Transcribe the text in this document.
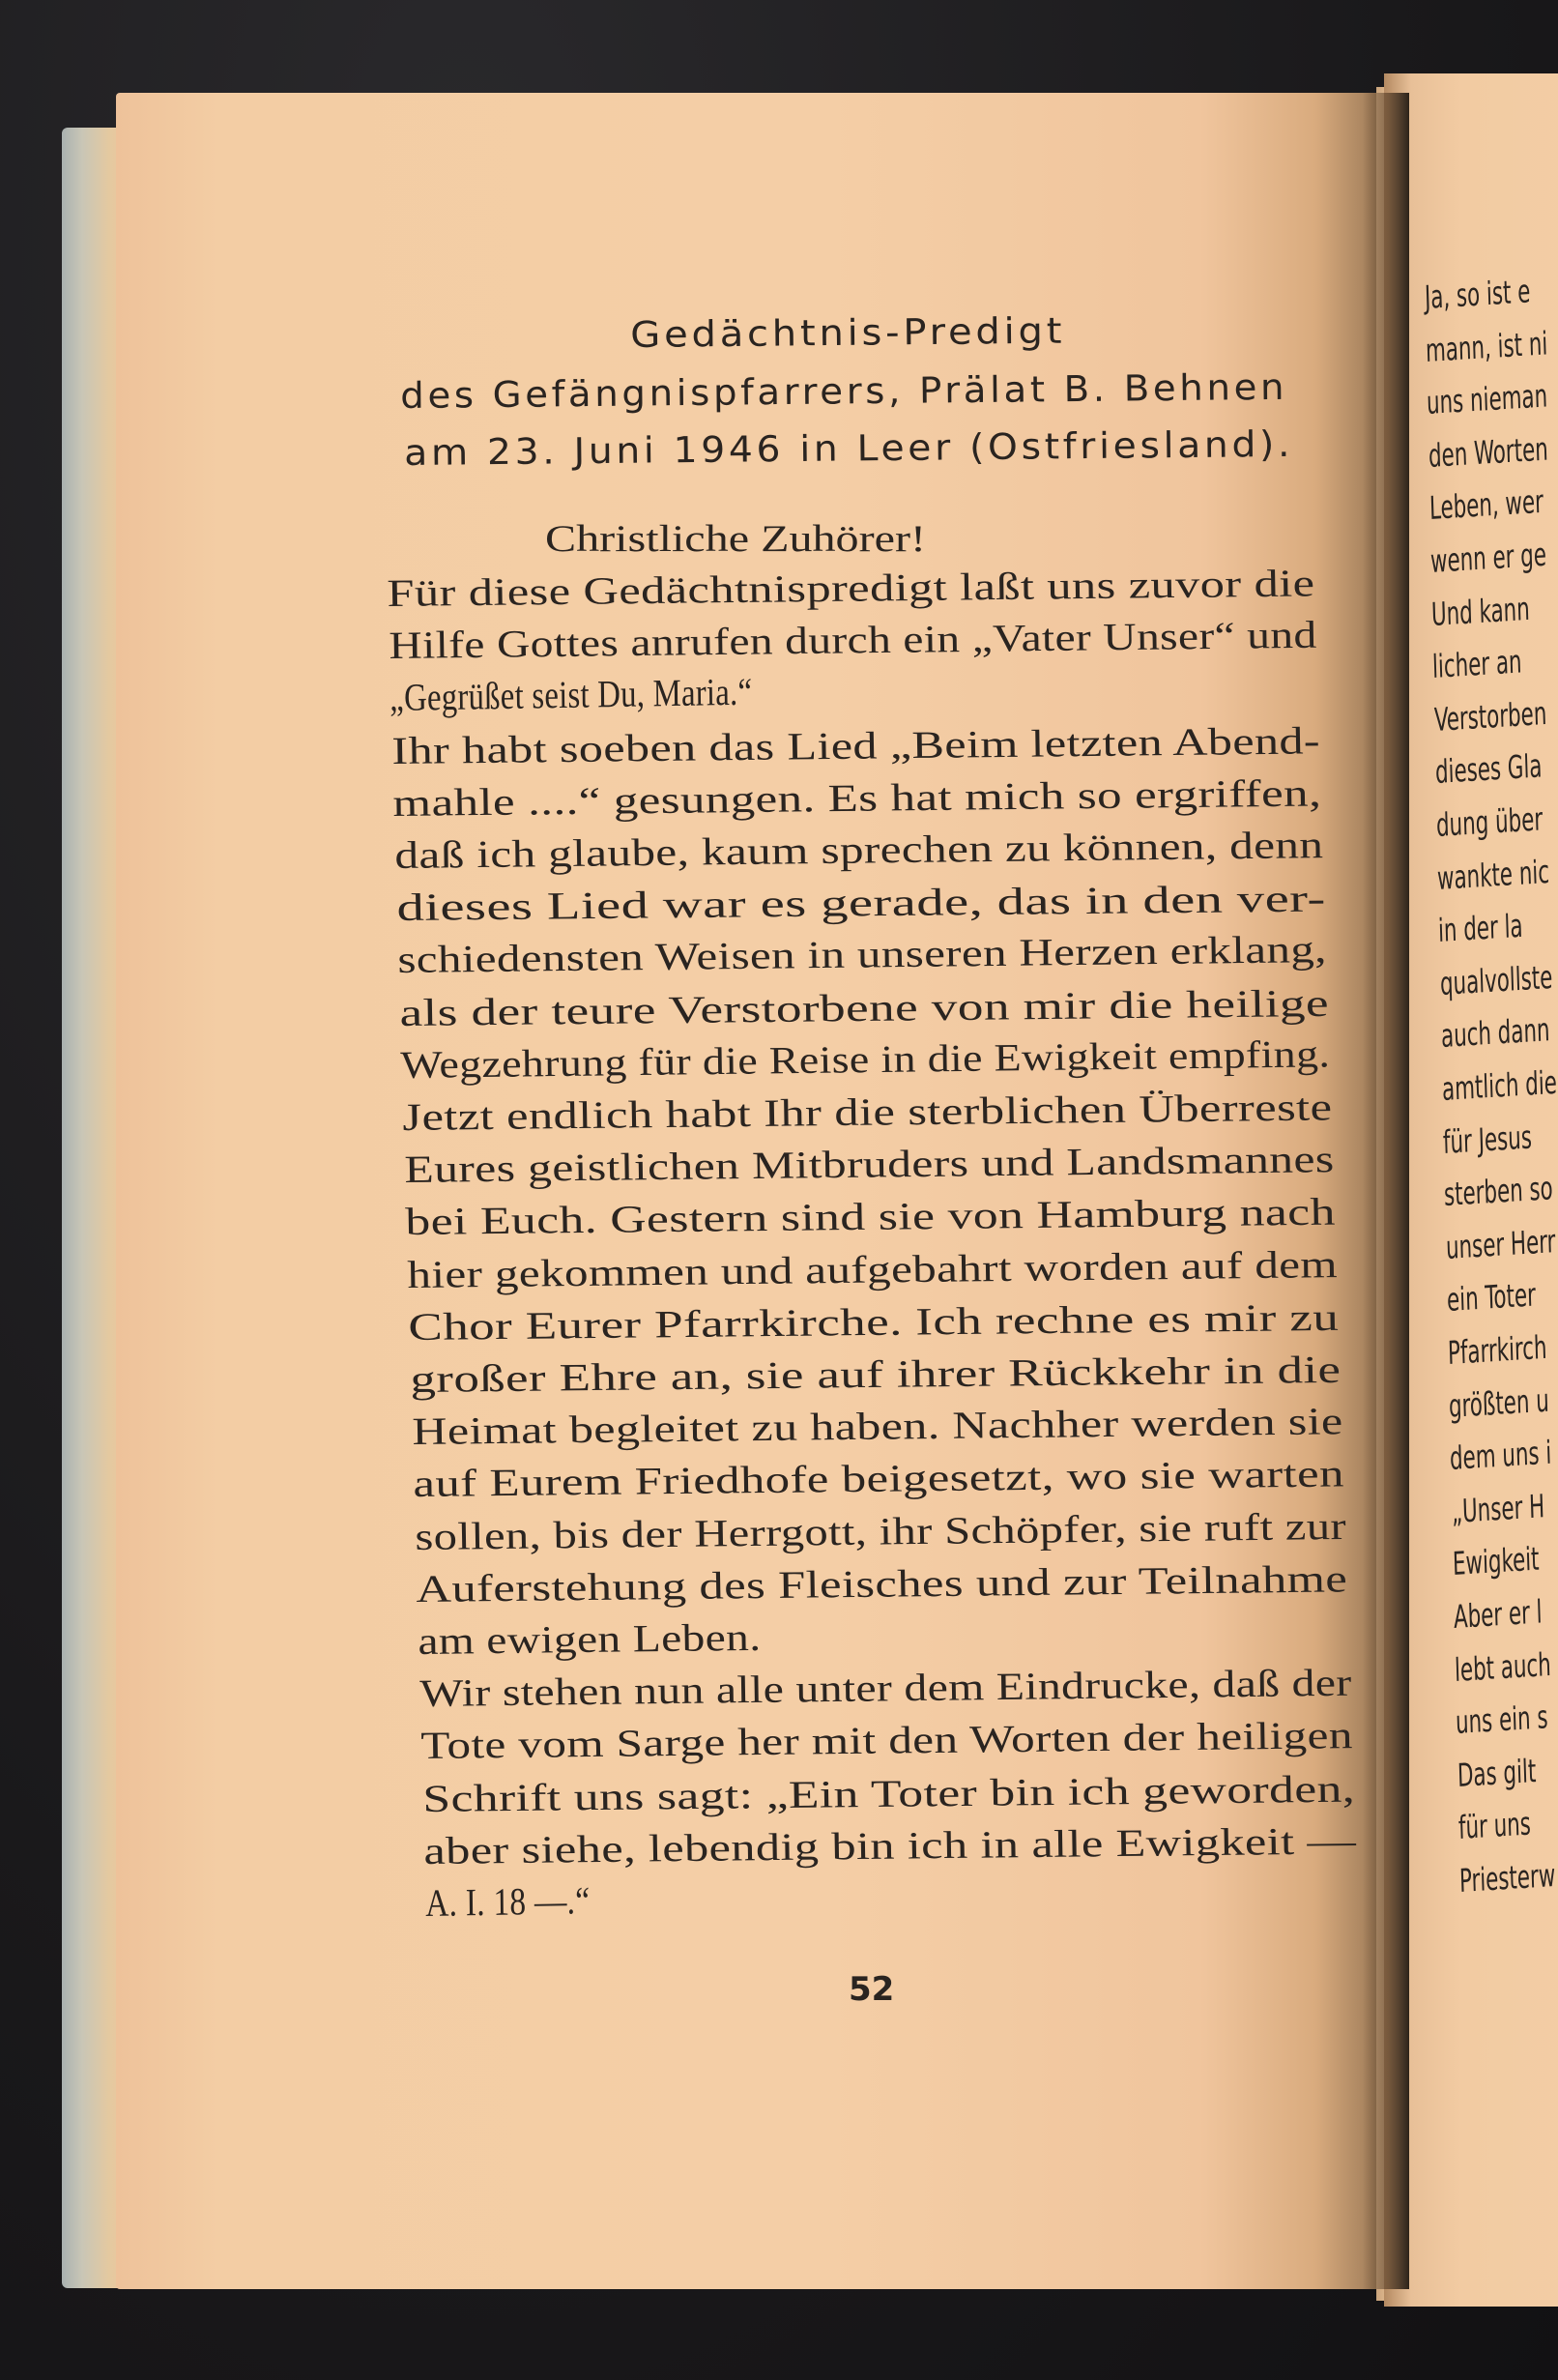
Ja, so ist e
mann, ist ni
uns nieman
den Worten
Leben, wer
wenn er ge
Und kann
licher an
Verstorben
dieses Gla
dung über
wankte nic
in der la
qualvollste
auch dann
amtlich die
für Jesus
sterben so
unser Herr
ein Toter
Pfarrkirch
größten u
dem uns i
„Unser H
Ewigkeit
Aber er l
lebt auch
uns ein s
Das gilt
für uns
Priesterw
Gedächtnis-Predigt
des Gefängnispfarrers, Prälat B. Behnen
am 23. Juni 1946 in Leer (Ostfriesland).
Christliche Zuhörer!
Für diese Gedächtnispredigt laßt uns zuvor die
Hilfe Gottes anrufen durch ein „Vater Unser“ und
„Gegrüßet seist Du, Maria.“
Ihr habt soeben das Lied „Beim letzten Abend-
mahle ....“ gesungen. Es hat mich so ergriffen,
daß ich glaube, kaum sprechen zu können, denn
dieses Lied war es gerade, das in den ver-
schiedensten Weisen in unseren Herzen erklang,
als der teure Verstorbene von mir die heilige
Wegzehrung für die Reise in die Ewigkeit empfing.
Jetzt endlich habt Ihr die sterblichen Überreste
Eures geistlichen Mitbruders und Landsmannes
bei Euch. Gestern sind sie von Hamburg nach
hier gekommen und aufgebahrt worden auf dem
Chor Eurer Pfarrkirche. Ich rechne es mir zu
großer Ehre an, sie auf ihrer Rückkehr in die
Heimat begleitet zu haben. Nachher werden sie
auf Eurem Friedhofe beigesetzt, wo sie warten
sollen, bis der Herrgott, ihr Schöpfer, sie ruft zur
Auferstehung des Fleisches und zur Teilnahme
am ewigen Leben.
Wir stehen nun alle unter dem Eindrucke, daß der
Tote vom Sarge her mit den Worten der heiligen
Schrift uns sagt: „Ein Toter bin ich geworden,
aber siehe, lebendig bin ich in alle Ewigkeit —
A. I. 18 —.“
52
